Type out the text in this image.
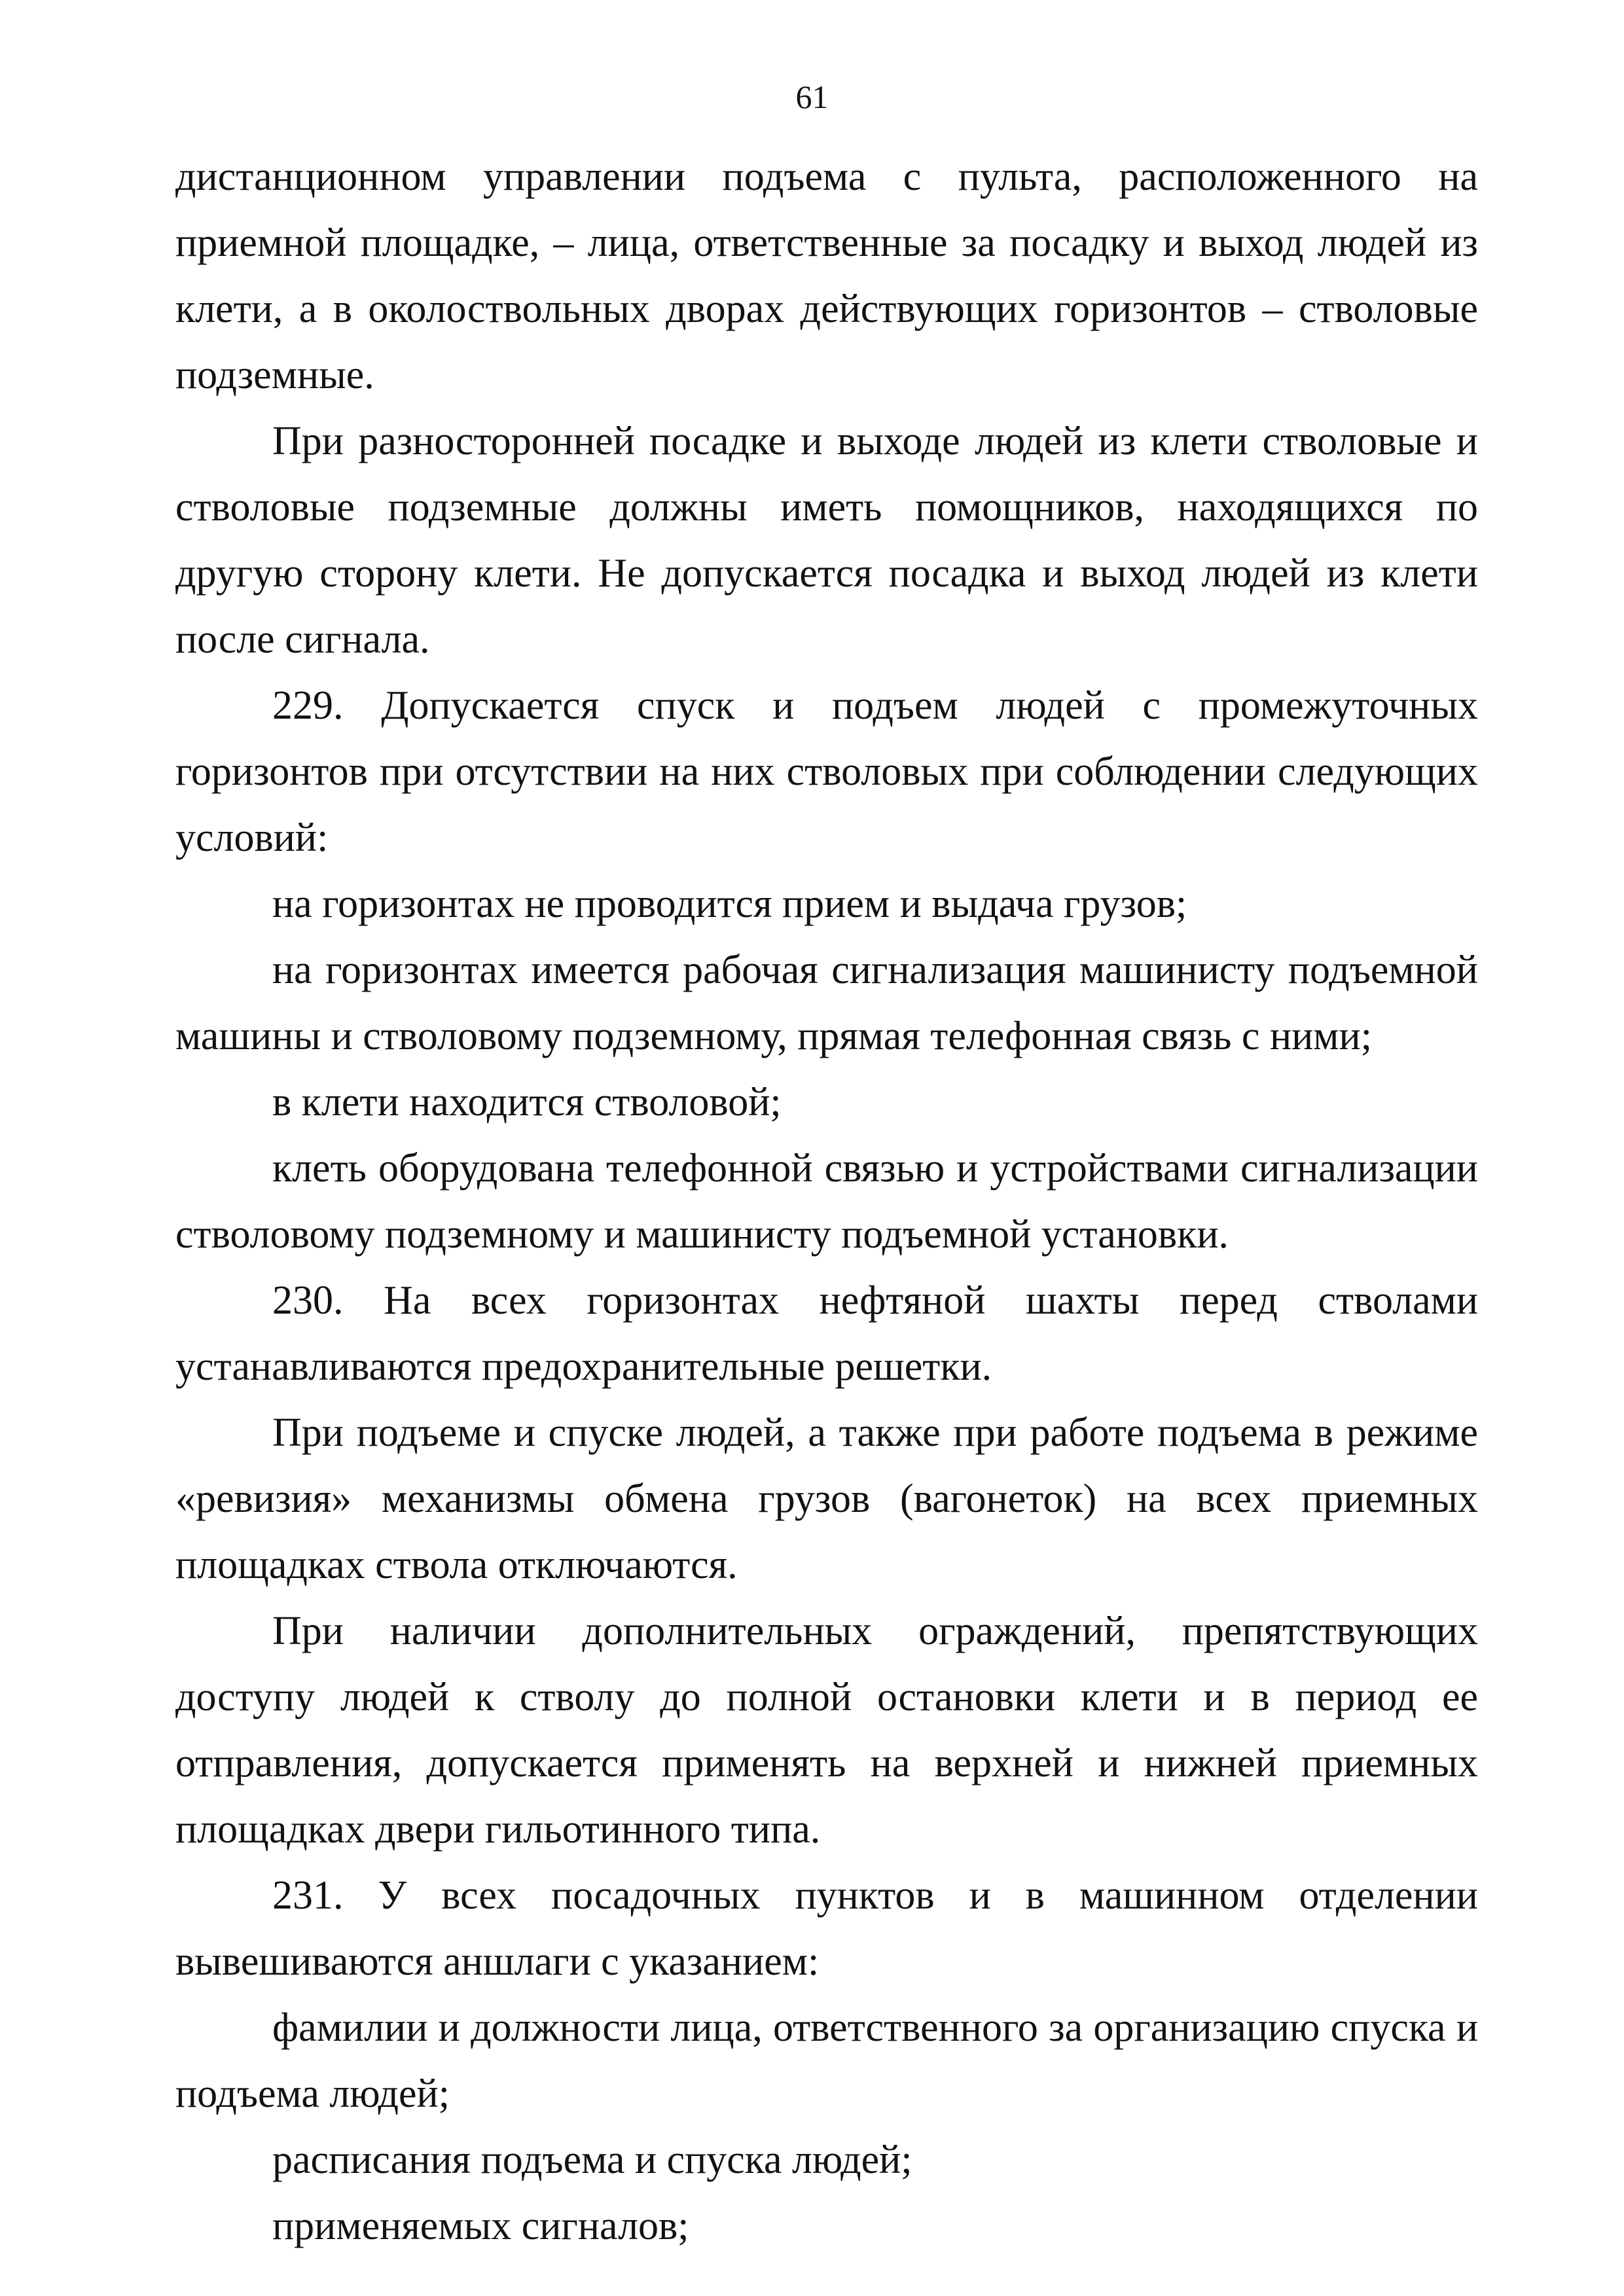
61

дистанционном управлении подъема с пульта, расположенного на приемной площадке, – лица, ответственные за посадку и выход людей из клети, а в околоствольных дворах действующих горизонтов – стволовые подземные.

При разносторонней посадке и выходе людей из клети стволовые и стволовые подземные должны иметь помощников, находящихся по другую сторону клети. Не допускается посадка и выход людей из клети после сигнала.

229. Допускается спуск и подъем людей с промежуточных горизонтов при отсутствии на них стволовых при соблюдении следующих условий:

на горизонтах не проводится прием и выдача грузов;

на горизонтах имеется рабочая сигнализация машинисту подъемной машины и стволовому подземному, прямая телефонная связь с ними;

в клети находится стволовой;

клеть оборудована телефонной связью и устройствами сигнализации стволовому подземному и машинисту подъемной установки.

230. На всех горизонтах нефтяной шахты перед стволами устанавливаются предохранительные решетки.

При подъеме и спуске людей, а также при работе подъема в режиме «ревизия» механизмы обмена грузов (вагонеток) на всех приемных площадках ствола отключаются.

При наличии дополнительных ограждений, препятствующих доступу людей к стволу до полной остановки клети и в период ее отправления, допускается применять на верхней и нижней приемных площадках двери гильотинного типа.

231. У всех посадочных пунктов и в машинном отделении вывешиваются аншлаги с указанием:

фамилии и должности лица, ответственного за организацию спуска и подъема людей;

расписания подъема и спуска людей;

применяемых сигналов;
